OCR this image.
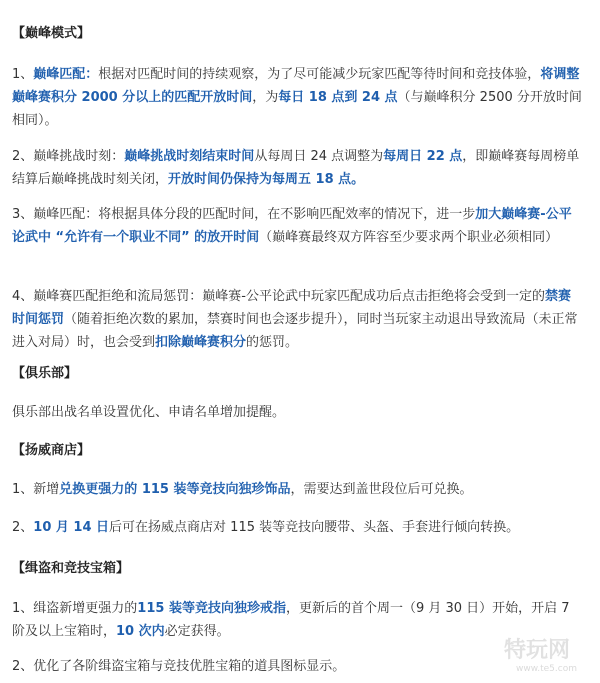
【巅峰模式】
1、巅峰匹配：根据对匹配时间的持续观察，为了尽可能减少玩家匹配等待时间和竞技体验，将调整巅峰赛积分 2000 分以上的匹配开放时间，为每日 18 点到 24 点（与巅峰积分 2500 分开放时间相同）。
2、巅峰挑战时刻：巅峰挑战时刻结束时间从每周日 24 点调整为每周日 22 点，即巅峰赛每周榜单结算后巅峰挑战时刻关闭，开放时间仍保持为每周五 18 点。
3、巅峰匹配：将根据具体分段的匹配时间，在不影响匹配效率的情况下，进一步加大巅峰赛-公平论武中 “允许有一个职业不同” 的放开时间（巅峰赛最终双方阵容至少要求两个职业必须相同）
4、巅峰赛匹配拒绝和流局惩罚：巅峰赛-公平论武中玩家匹配成功后点击拒绝将会受到一定的禁赛时间惩罚（随着拒绝次数的累加，禁赛时间也会逐步提升），同时当玩家主动退出导致流局（未正常进入对局）时，也会受到扣除巅峰赛积分的惩罚。
【俱乐部】
俱乐部出战名单设置优化、申请名单增加提醒。
【扬威商店】
1、新增兑换更强力的 115 装等竞技向独珍饰品，需要达到盖世段位后可兑换。
2、10 月 14 日后可在扬威点商店对 115 装等竞技向腰带、头盔、手套进行倾向转换。
【缉盗和竞技宝箱】
1、缉盗新增更强力的115 装等竞技向独珍戒指，更新后的首个周一（9 月 30 日）开始，开启 7 阶及以上宝箱时，10 次内必定获得。
2、优化了各阶缉盗宝箱与竞技优胜宝箱的道具图标显示。
特玩网
www.te5.com
